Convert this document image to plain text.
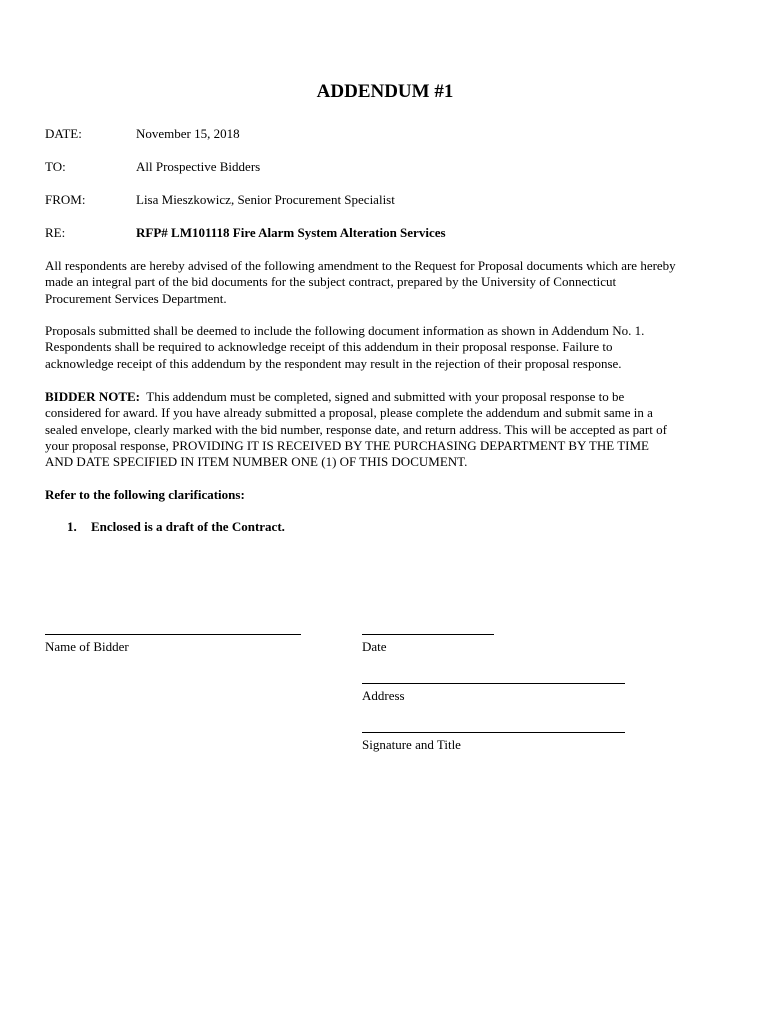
ADDENDUM #1
DATE:	November 15, 2018
TO:	All Prospective Bidders
FROM:	Lisa Mieszkowicz, Senior Procurement Specialist
RE:	RFP# LM101118 Fire Alarm System Alteration Services
All respondents are hereby advised of the following amendment to the Request for Proposal documents which are hereby
made an integral part of the bid documents for the subject contract, prepared by the University of Connecticut
Procurement Services Department.
Proposals submitted shall be deemed to include the following document information as shown in Addendum No. 1.
Respondents shall be required to acknowledge receipt of this addendum in their proposal response. Failure to
acknowledge receipt of this addendum by the respondent may result in the rejection of their proposal response.
BIDDER NOTE:  This addendum must be completed, signed and submitted with your proposal response to be
considered for award. If you have already submitted a proposal, please complete the addendum and submit same in a
sealed envelope, clearly marked with the bid number, response date, and return address. This will be accepted as part of
your proposal response, PROVIDING IT IS RECEIVED BY THE PURCHASING DEPARTMENT BY THE TIME
AND DATE SPECIFIED IN ITEM NUMBER ONE (1) OF THIS DOCUMENT.
Refer to the following clarifications:
1. Enclosed is a draft of the Contract.
Name of Bidder	Date
Address
Signature and Title
